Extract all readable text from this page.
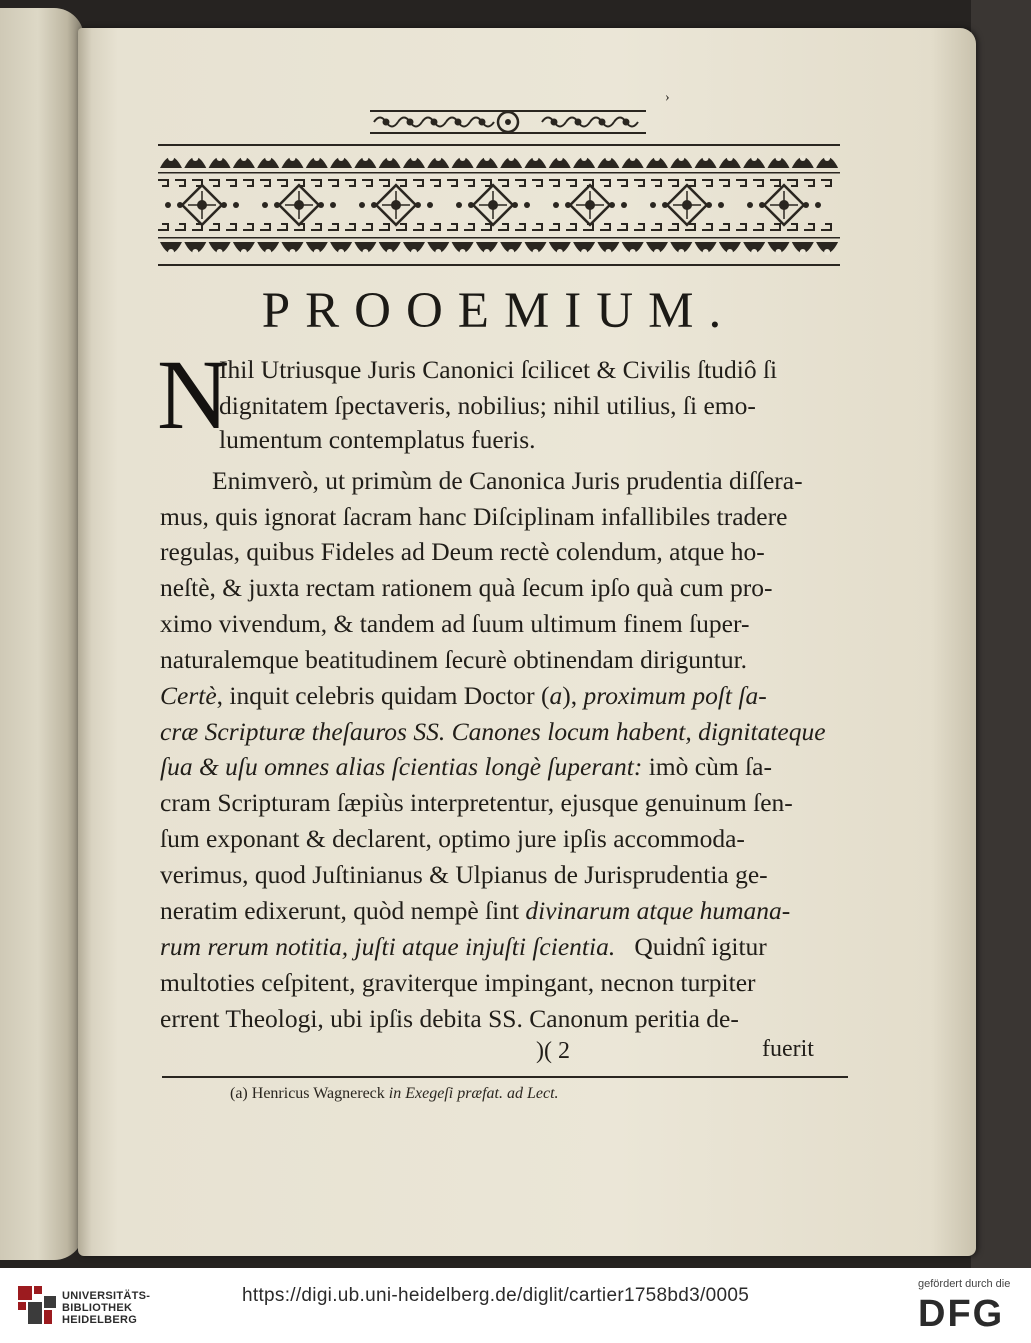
›
PROOEMIUM.
N
Ihil Utriusque Juris Canonici ſcilicet & Civilis ſtudiô ſi
dignitatem ſpectaveris, nobilius; nihil utilius, ſi emo-
lumentum contemplatus fueris.
Enimverò, ut primùm de Canonica Juris prudentia diſſera-
mus, quis ignorat ſacram hanc Diſciplinam infallibiles tradere
regulas, quibus Fideles ad Deum rectè colendum, atque ho-
neſtè, & juxta rectam rationem quà ſecum ipſo quà cum pro-
ximo vivendum, & tandem ad ſuum ultimum finem ſuper-
naturalemque beatitudinem ſecurè obtinendam diriguntur.
Certè, inquit celebris quidam Doctor (a), proximum poſt ſa-
cræ Scripturæ theſauros SS. Canones locum habent, dignitateque
ſua & uſu omnes alias ſcientias longè ſuperant: imò cùm ſa-
cram Scripturam ſæpiùs interpretentur, ejusque genuinum ſen-
ſum exponant & declarent, optimo jure ipſis accommoda-
verimus, quod Juſtinianus & Ulpianus de Jurisprudentia ge-
neratim edixerunt, quòd nempè ſint divinarum atque humana-
rum rerum notitia, juſti atque injuſti ſcientia.   Quidnî igitur
multoties ceſpitent, graviterque impingant, necnon turpiter
errent Theologi, ubi ipſis debita SS. Canonum peritia de-
)( 2	fuerit
(a) Henricus Wagnereck in Exegeſi præfat. ad Lect.
UNIVERSITÄTS-
BIBLIOTHEK
HEIDELBERG
https://digi.ub.uni-heidelberg.de/diglit/cartier1758bd3/0005
gefördert durch die
DFG
